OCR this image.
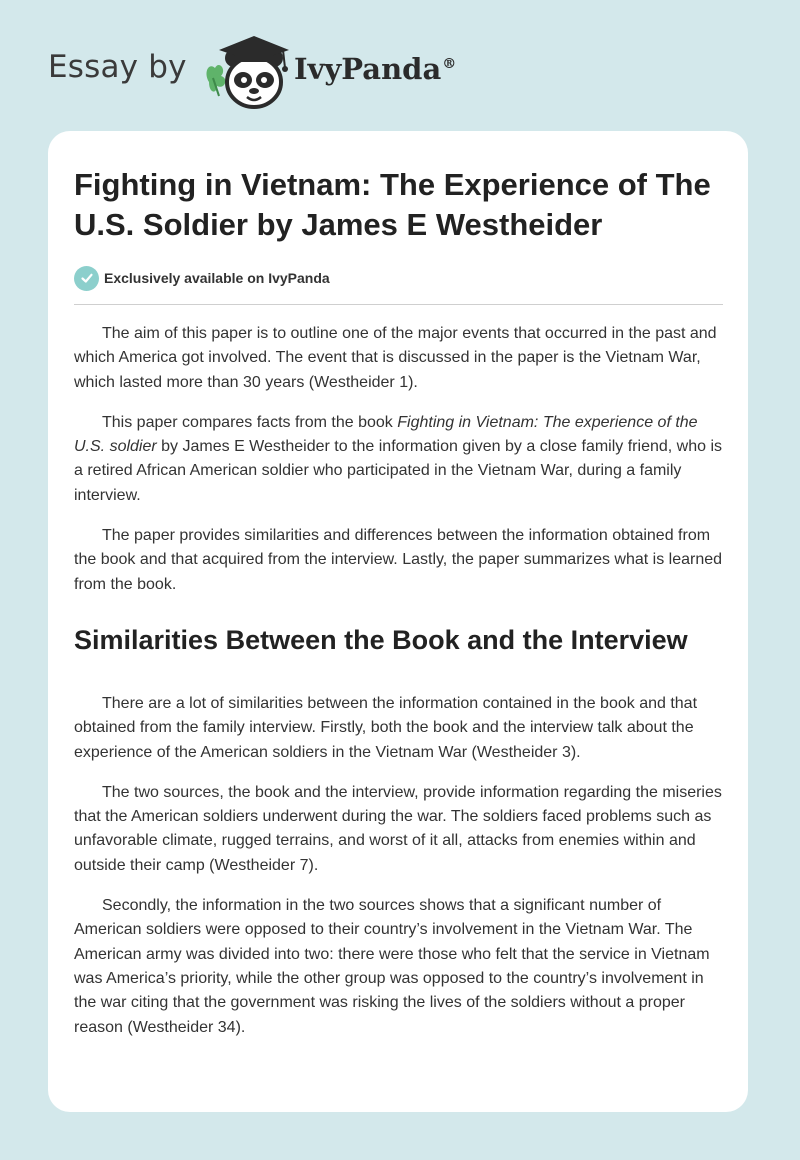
Essay by	IvyPanda®
Fighting in Vietnam: The Experience of The U.S. Soldier by James E Westheider
Exclusively available on IvyPanda

The aim of this paper is to outline one of the major events that occurred in the past and which America got involved. The event that is discussed in the paper is the Vietnam War, which lasted more than 30 years (Westheider 1).

This paper compares facts from the book Fighting in Vietnam: The experience of the U.S. soldier by James E Westheider to the information given by a close family friend, who is a retired African American soldier who participated in the Vietnam War, during a family interview.

The paper provides similarities and differences between the information obtained from the book and that acquired from the interview. Lastly, the paper summarizes what is learned from the book.

Similarities Between the Book and the Interview

There are a lot of similarities between the information contained in the book and that obtained from the family interview. Firstly, both the book and the interview talk about the experience of the American soldiers in the Vietnam War (Westheider 3).

The two sources, the book and the interview, provide information regarding the miseries that the American soldiers underwent during the war. The soldiers faced problems such as unfavorable climate, rugged terrains, and worst of it all, attacks from enemies within and outside their camp (Westheider 7).

Secondly, the information in the two sources shows that a significant number of American soldiers were opposed to their country’s involvement in the Vietnam War. The American army was divided into two: there were those who felt that the service in Vietnam was America’s priority, while the other group was opposed to the country’s involvement in the war citing that the government was risking the lives of the soldiers without a proper reason (Westheider 34).
